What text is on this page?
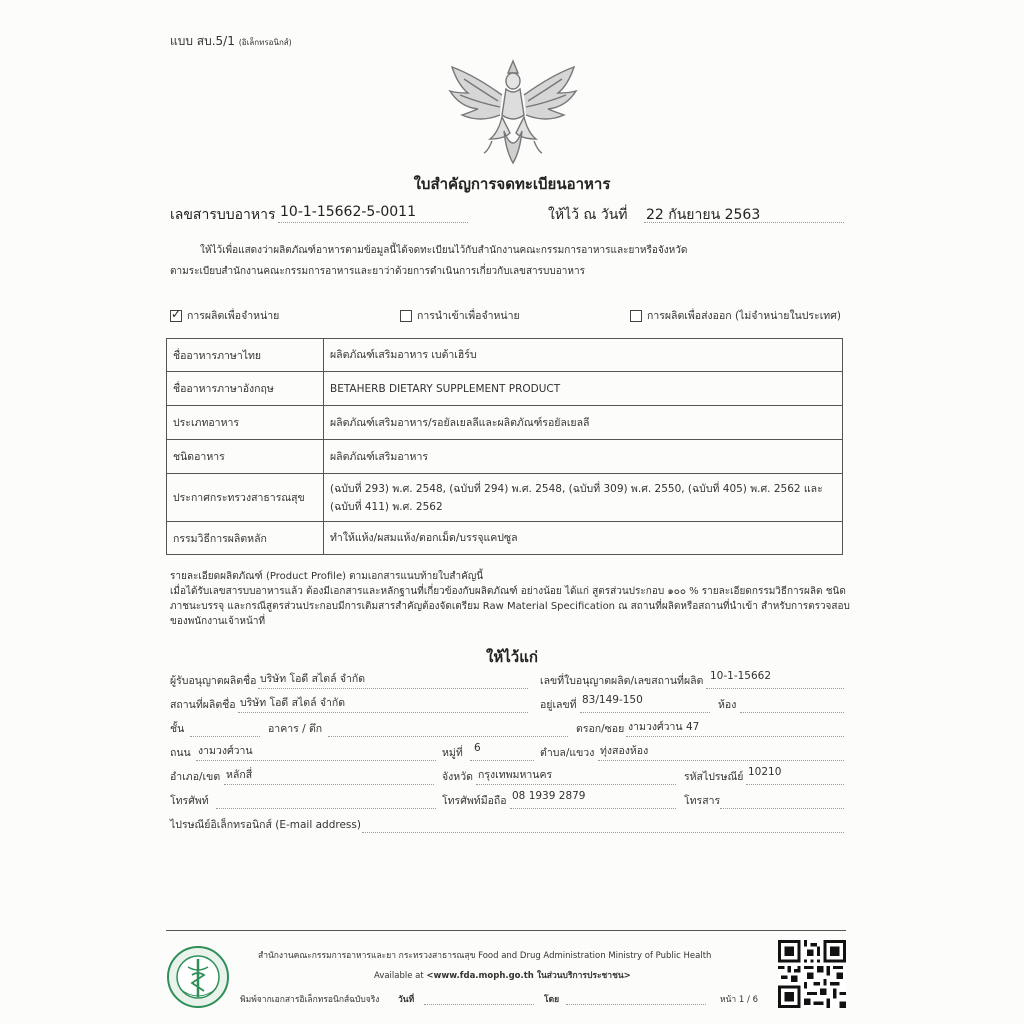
แบบ สบ.5/1 (อิเล็กทรอนิกส์)
ใบสำคัญการจดทะเบียนอาหาร
เลขสารบบอาหาร 10-1-15662-5-0011	ให้ไว้ ณ วันที่ 22 กันยายน 2563
ให้ไว้เพื่อแสดงว่าผลิตภัณฑ์อาหารตามข้อมูลนี้ได้จดทะเบียนไว้กับสำนักงานคณะกรรมการอาหารและยาหรือจังหวัด
ตามระเบียบสำนักงานคณะกรรมการอาหารและยาว่าด้วยการดำเนินการเกี่ยวกับเลขสารบบอาหาร
✓ การผลิตเพื่อจำหน่าย	การนำเข้าเพื่อจำหน่าย	การผลิตเพื่อส่งออก (ไม่จำหน่ายในประเทศ)
ชื่ออาหารภาษาไทย	ผลิตภัณฑ์เสริมอาหาร เบต้าเฮิร์บ
ชื่ออาหารภาษาอังกฤษ	BETAHERB DIETARY SUPPLEMENT PRODUCT
ประเภทอาหาร	ผลิตภัณฑ์เสริมอาหาร/รอยัลเยลลีและผลิตภัณฑ์รอยัลเยลลี
ชนิดอาหาร	ผลิตภัณฑ์เสริมอาหาร
ประกาศกระทรวงสาธารณสุข	(ฉบับที่ 293) พ.ศ. 2548, (ฉบับที่ 294) พ.ศ. 2548, (ฉบับที่ 309) พ.ศ. 2550, (ฉบับที่ 405) พ.ศ. 2562 และ (ฉบับที่ 411) พ.ศ. 2562
กรรมวิธีการผลิตหลัก	ทำให้แห้ง/ผสมแห้ง/ตอกเม็ด/บรรจุแคปซูล
รายละเอียดผลิตภัณฑ์ (Product Profile) ตามเอกสารแนบท้ายใบสำคัญนี้
เมื่อได้รับเลขสารบบอาหารแล้ว ต้องมีเอกสารและหลักฐานที่เกี่ยวข้องกับผลิตภัณฑ์ อย่างน้อย ได้แก่ สูตรส่วนประกอบ ๑๐๐ % รายละเอียดกรรมวิธีการผลิต ชนิดภาชนะบรรจุ และกรณีสูตรส่วนประกอบมีการเติมสารสำคัญต้องจัดเตรียม Raw Material Specification ณ สถานที่ผลิตหรือสถานที่นำเข้า สำหรับการตรวจสอบของพนักงานเจ้าหน้าที่
ให้ไว้แก่
ผู้รับอนุญาตผลิตชื่อ บริษัท โอดี สไตล์ จำกัด	เลขที่ใบอนุญาตผลิต/เลขสถานที่ผลิต 10-1-15662
สถานที่ผลิตชื่อ บริษัท โอดี สไตล์ จำกัด	อยู่เลขที่ 83/149-150	ห้อง
ชั้น	อาคาร / ตึก	ตรอก/ซอย งามวงศ์วาน 47
ถนน งามวงศ์วาน	หมู่ที่ 6	ตำบล/แขวง ทุ่งสองห้อง
อำเภอ/เขต หลักสี่	จังหวัด กรุงเทพมหานคร	รหัสไปรษณีย์ 10210
โทรศัพท์	โทรศัพท์มือถือ 08 1939 2879	โทรสาร
ไปรษณีย์อิเล็กทรอนิกส์ (E-mail address)
สำนักงานคณะกรรมการอาหารและยา กระทรวงสาธารณสุข Food and Drug Administration Ministry of Public Health
Available at <www.fda.moph.go.th ในส่วนบริการประชาชน>
พิมพ์จากเอกสารอิเล็กทรอนิกส์ฉบับจริง วันที่	โดย	หน้า 1 / 6
